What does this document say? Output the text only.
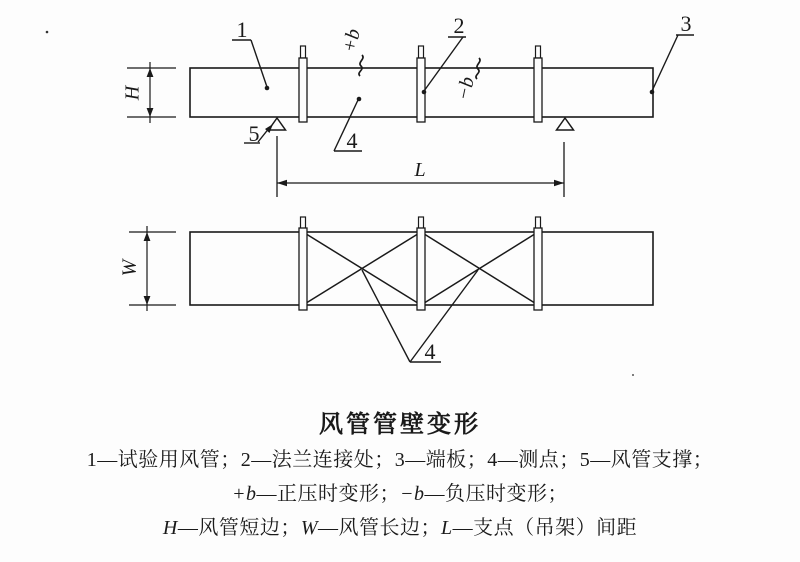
H
L
+b
−b
1	2	3
4
5
W
4
风管管壁变形
1—试验用风管；2—法兰连接处；3—端板；4—测点；5—风管支撑；
+b—正压时变形；−b—负压时变形；
H—风管短边；W—风管长边；L—支点（吊架）间距
